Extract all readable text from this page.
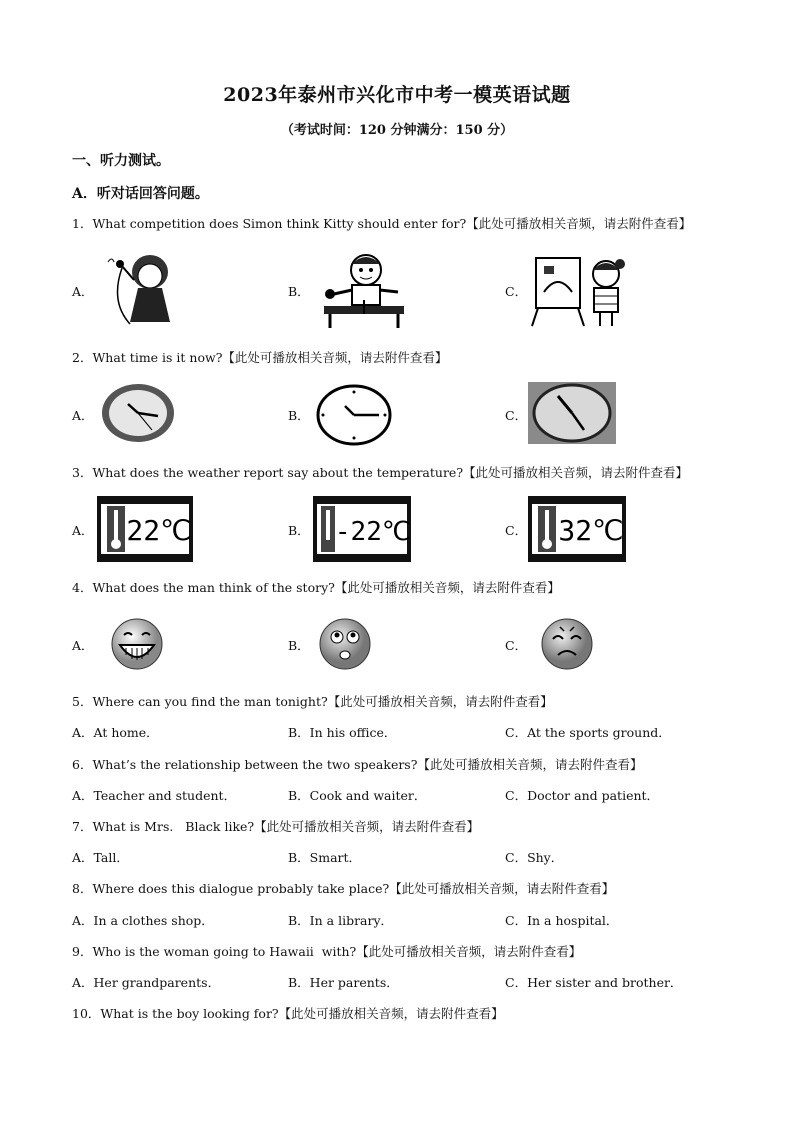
2023年泰州市兴化市中考一模英语试题
（考试时间：120 分钟满分：150 分）
一、听力测试。
A．听对话回答问题。
1．What competition does Simon think Kitty should enter for?【此处可播放相关音频，请去附件查看】
A．	B．	C．
2．What time is it now?【此处可播放相关音频，请去附件查看】
A．	B．	C．
3．What does the weather report say about the temperature?【此处可播放相关音频，请去附件查看】
A．	B．	C．
22℃	-22℃	32℃
4．What does the man think of the story?【此处可播放相关音频，请去附件查看】
A．	B．	C．
5．Where can you find the man tonight?【此处可播放相关音频，请去附件查看】
A．At home．	B．In his office．	C．At the sports ground．
6．What’s the relationship between the two speakers?【此处可播放相关音频，请去附件查看】
A．Teacher and student．	B．Cook and waiter．	C．Doctor and patient．
7．What is Mrs.   Black like?【此处可播放相关音频，请去附件查看】
A．Tall．	B．Smart．	C．Shy．
8．Where does this dialogue probably take place?【此处可播放相关音频，请去附件查看】
A．In a clothes shop．	B．In a library．	C．In a hospital．
9．Who is the woman going to Hawaii  with?【此处可播放相关音频，请去附件查看】
A．Her grandparents．	B．Her parents．	C．Her sister and brother．
10．What is the boy looking for?【此处可播放相关音频，请去附件查看】
